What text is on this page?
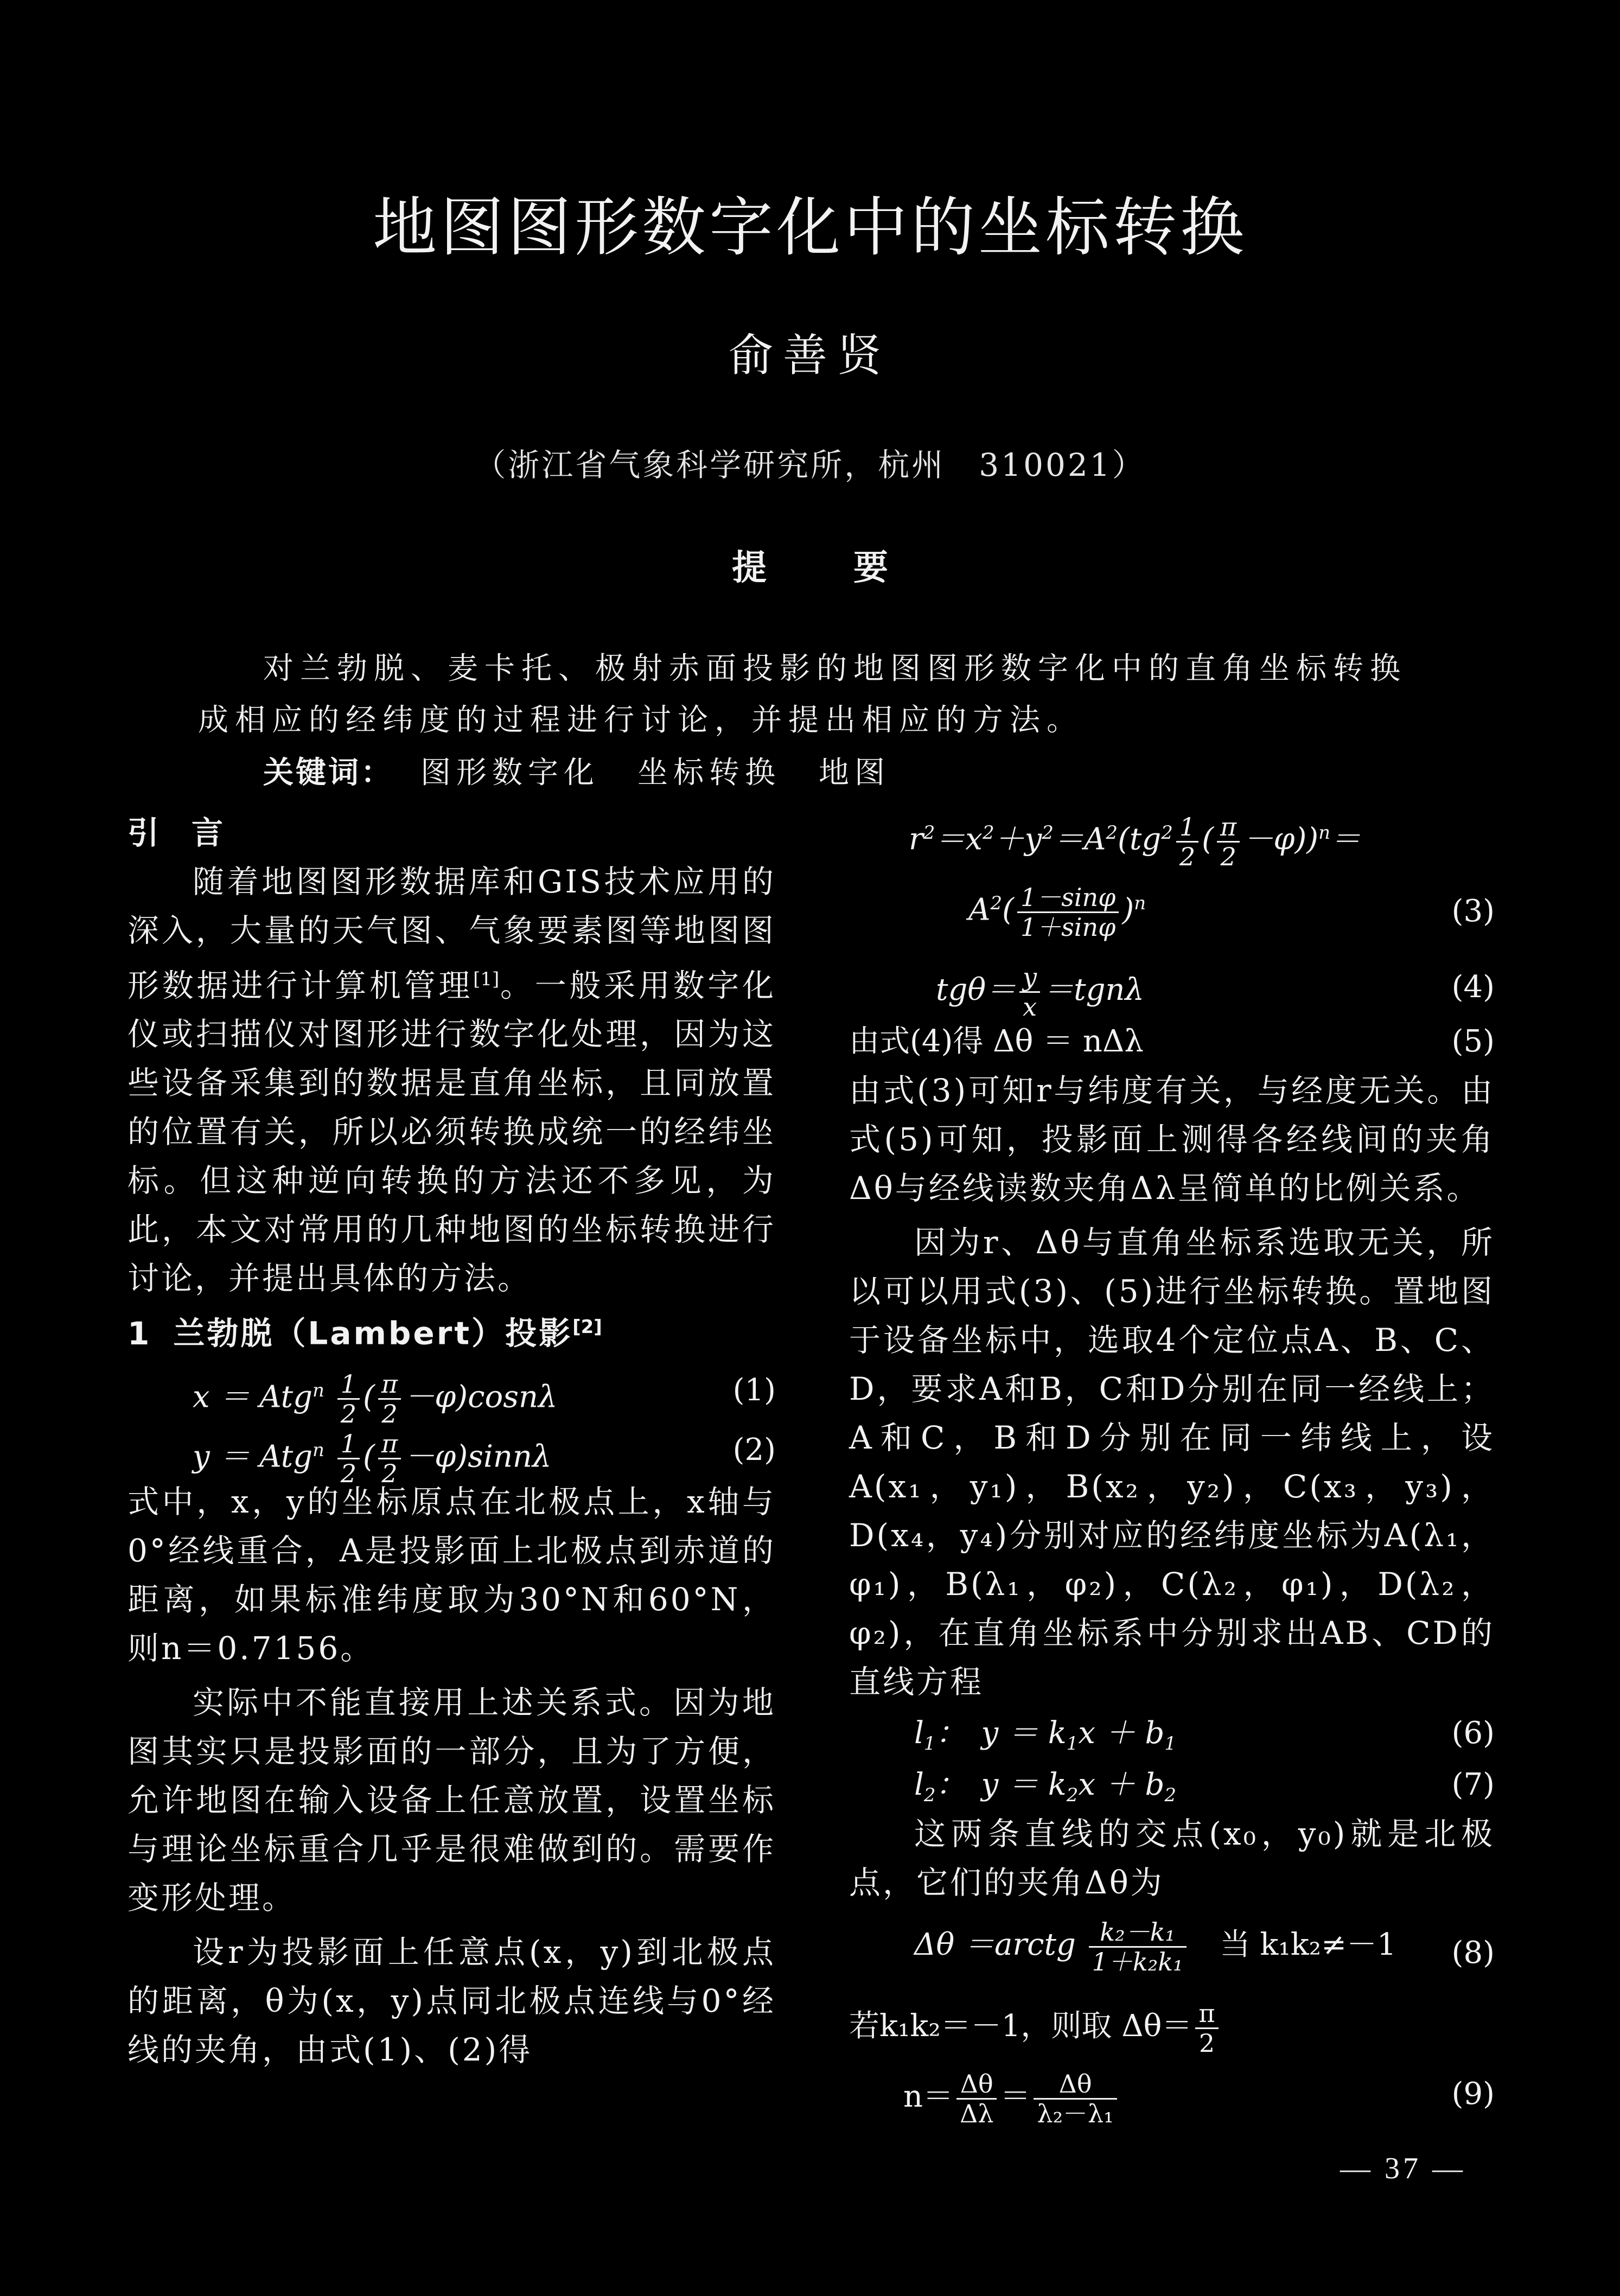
地图图形数字化中的坐标转换
俞善贤
（浙江省气象科学研究所，杭州　310021）
提要
对兰勃脱、麦卡托、极射赤面投影的地图图形数字化中的直角坐标转换成相应的经纬度的过程进行讨论，并提出相应的方法。
关键词： 图形数字化 坐标转换 地图
引言

随着地图图形数据库和GIS技术应用的深入，大量的天气图、气象要素图等地图图形数据进行计算机管理[1]。一般采用数字化仪或扫描仪对图形进行数字化处理，因为这些设备采集到的数据是直角坐标，且同放置的位置有关，所以必须转换成统一的经纬坐标。但这种逆向转换的方法还不多见，为此，本文对常用的几种地图的坐标转换进行讨论，并提出具体的方法。

1 兰勃脱（Lambert）投影[2]
$x = Atg^n \frac{1}{2}$ ( $\frac{\pi}{2} -\varphi)\cos n\lambda$	(1)
$y = Atg^n \frac{1}{2}$ ( $\frac{\pi}{2} -\varphi)\sin n\lambda$	(2)

式中，x，y的坐标原点在北极点上，x轴与0°经线重合，A是投影面上北极点到赤道的距离，如果标准纬度取为30°N和60°N，则n＝0.7156。

实际中不能直接用上述关系式。因为地图其实只是投影面的一部分，且为了方便，允许地图在输入设备上任意放置，设置坐标与理论坐标重合几乎是很难做到的。需要作变形处理。

设r为投影面上任意点(x，y)到北极点的距离，θ为(x，y)点同北极点连线与0°经线的夹角，由式(1)、(2)得

$r^2=x^2+y^2=A^2(tg^2 \frac{1}{2}$ ( $\frac{\pi}{2} -\varphi))^n=$
$A^2( \frac{1-\sin\varphi}{1+\sin\varphi} )^n$	(3)
$tg\theta= \frac{y}{x} =tgn\lambda$	(4)
由式(4)得 Δθ ＝ nΔλ	(5)

由式(3)可知r与纬度有关，与经度无关。由式(5)可知，投影面上测得各经线间的夹角Δθ与经线读数夹角Δλ呈简单的比例关系。

因为r、Δθ与直角坐标系选取无关，所以可以用式(3)、(5)进行坐标转换。置地图于设备坐标中，选取4个定位点A、B、C、D，要求A和B，C和D分别在同一经线上；A和C，B和D分别在同一纬线上，设A(x₁，y₁)，B(x₂，y₂)，C(x₃，y₃)，D(x₄，y₄)分别对应的经纬度坐标为A(λ₁，φ₁)，B(λ₁，φ₂)，C(λ₂，φ₁)，D(λ₂，φ₂)，在直角坐标系中分别求出AB、CD的直线方程

$l_1$：　$y = k_1x + b_1$	(6)
$l_2$：　$y = k_2x + b_2$	(7)

这两条直线的交点(x₀，y₀)就是北极点，它们的夹角Δθ为

Δθ ＝arctg $\frac{\text{k₂－k₁}}{\text{1＋k₂k₁}}$
　 当 k₁k₂≠－1 (8)
若k₁k₂＝－1，则取 $\Delta\theta= \frac{\pi}{2}$
$n= \frac{\Delta\theta}{\Delta\lambda} = \frac{\Delta\theta}{\text{λ₂－λ₁}}$	(9)
— 37 —
